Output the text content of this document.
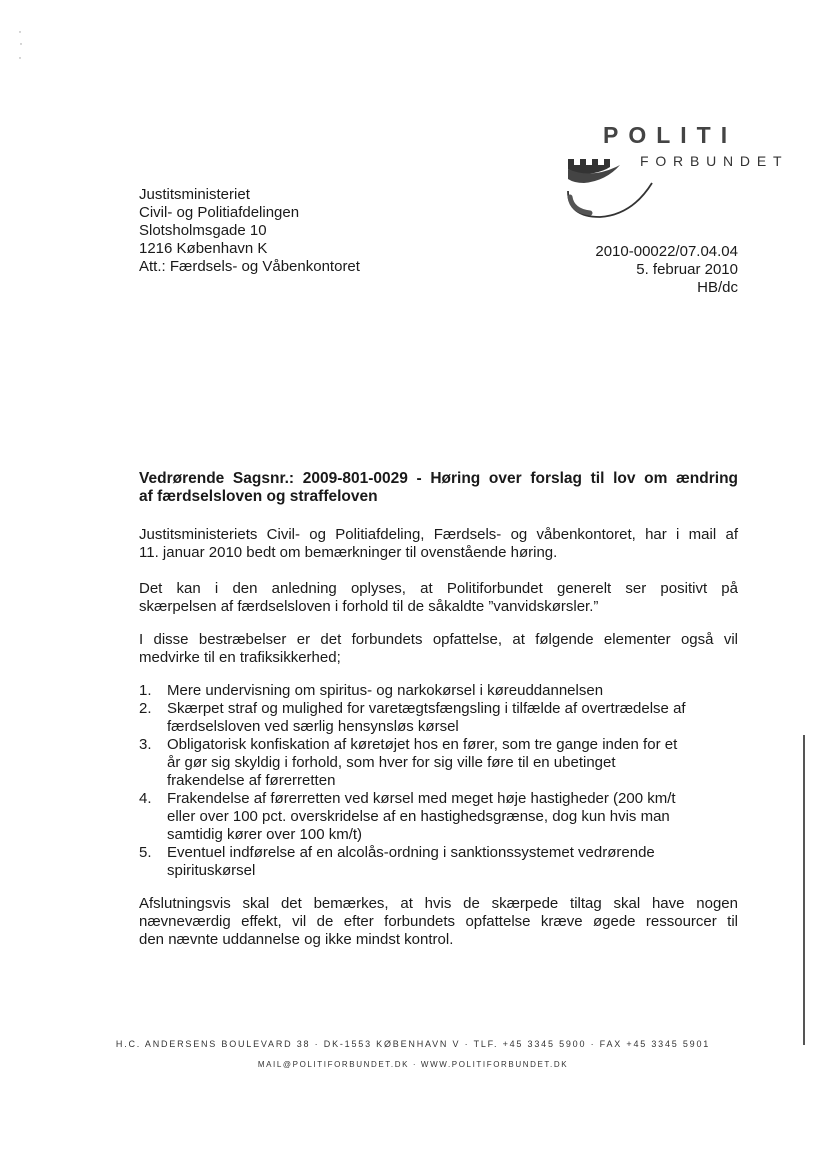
POLITI
FORBUNDET
Justitsministeriet
Civil- og Politiafdelingen
Slotsholmsgade 10
1216 København K
Att.: Færdsels- og Våbenkontoret
2010-00022/07.04.04
5. februar 2010
HB/dc
Vedrørende Sagsnr.: 2009-801-0029 - Høring over forslag til lov om ændring
af færdselsloven og straffeloven
Justitsministeriets Civil- og Politiafdeling, Færdsels- og våbenkontoret, har i mail af
11. januar 2010 bedt om bemærkninger til ovenstående høring.
Det kan i den anledning oplyses, at Politiforbundet generelt ser positivt på
skærpelsen af færdselsloven i forhold til de såkaldte ”vanvidskørsler.”
I disse bestræbelser er det forbundets opfattelse, at følgende elementer også vil
medvirke til en trafiksikkerhed;
1. Mere undervisning om spiritus- og narkokørsel i køreuddannelsen
2. Skærpet straf og mulighed for varetægtsfængsling i tilfælde af overtrædelse af
færdselsloven ved særlig hensynsløs kørsel
3. Obligatorisk konfiskation af køretøjet hos en fører, som tre gange inden for et
år gør sig skyldig i forhold, som hver for sig ville føre til en ubetinget
frakendelse af førerretten
4. Frakendelse af førerretten ved kørsel med meget høje hastigheder (200 km/t
eller over 100 pct. overskridelse af en hastighedsgrænse, dog kun hvis man
samtidig kører over 100 km/t)
5. Eventuel indførelse af en alcolås-ordning i sanktionssystemet vedrørende
spirituskørsel
Afslutningsvis skal det bemærkes, at hvis de skærpede tiltag skal have nogen
nævneværdig effekt, vil de efter forbundets opfattelse kræve øgede ressourcer til
den nævnte uddannelse og ikke mindst kontrol.
H.C. ANDERSENS BOULEVARD 38 · DK-1553 KØBENHAVN V · TLF. +45 3345 5900 · FAX +45 3345 5901
MAIL@POLITIFORBUNDET.DK · WWW.POLITIFORBUNDET.DK
